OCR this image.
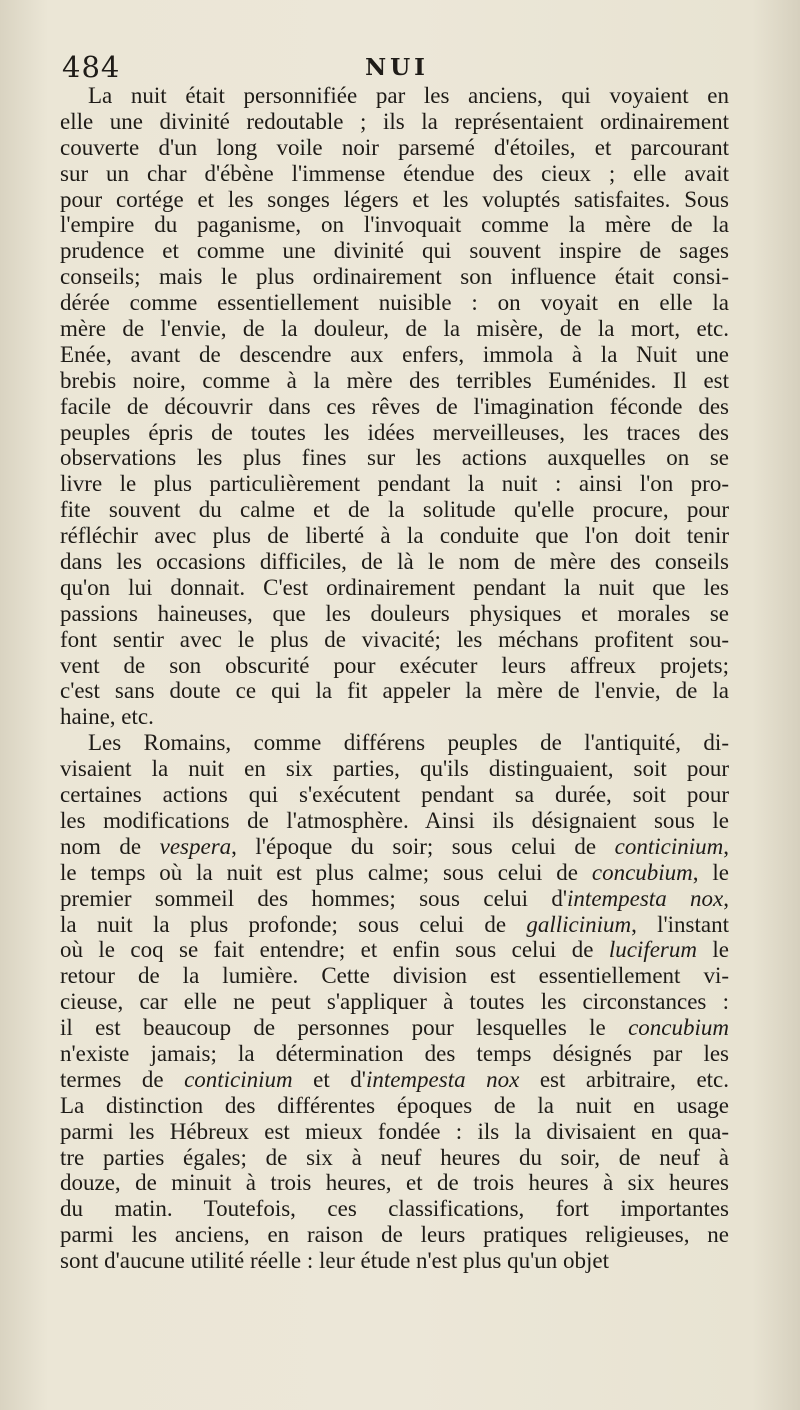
484	NUI
La nuit était personnifiée par les anciens, qui voyaient en
elle une divinité redoutable ; ils la représentaient ordinairement
couverte d'un long voile noir parsemé d'étoiles, et parcourant
sur un char d'ébène l'immense étendue des cieux ; elle avait
pour cortége et les songes légers et les voluptés satisfaites. Sous
l'empire du paganisme, on l'invoquait comme la mère de la
prudence et comme une divinité qui souvent inspire de sages
conseils; mais le plus ordinairement son influence était consi-
dérée comme essentiellement nuisible : on voyait en elle la
mère de l'envie, de la douleur, de la misère, de la mort, etc.
Enée, avant de descendre aux enfers, immola à la Nuit une
brebis noire, comme à la mère des terribles Euménides. Il est
facile de découvrir dans ces rêves de l'imagination féconde des
peuples épris de toutes les idées merveilleuses, les traces des
observations les plus fines sur les actions auxquelles on se
livre le plus particulièrement pendant la nuit : ainsi l'on pro-
fite souvent du calme et de la solitude qu'elle procure, pour
réfléchir avec plus de liberté à la conduite que l'on doit tenir
dans les occasions difficiles, de là le nom de mère des conseils
qu'on lui donnait. C'est ordinairement pendant la nuit que les
passions haineuses, que les douleurs physiques et morales se
font sentir avec le plus de vivacité; les méchans profitent sou-
vent de son obscurité pour exécuter leurs affreux projets;
c'est sans doute ce qui la fit appeler la mère de l'envie, de la
haine, etc.
Les Romains, comme différens peuples de l'antiquité, di-
visaient la nuit en six parties, qu'ils distinguaient, soit pour
certaines actions qui s'exécutent pendant sa durée, soit pour
les modifications de l'atmosphère. Ainsi ils désignaient sous le
nom de vespera, l'époque du soir; sous celui de conticinium,
le temps où la nuit est plus calme; sous celui de concubium, le
premier sommeil des hommes; sous celui d'intempesta nox,
la nuit la plus profonde; sous celui de gallicinium, l'instant
où le coq se fait entendre; et enfin sous celui de luciferum le
retour de la lumière. Cette division est essentiellement vi-
cieuse, car elle ne peut s'appliquer à toutes les circonstances :
il est beaucoup de personnes pour lesquelles le concubium
n'existe jamais; la détermination des temps désignés par les
termes de conticinium et d'intempesta nox est arbitraire, etc.
La distinction des différentes époques de la nuit en usage
parmi les Hébreux est mieux fondée : ils la divisaient en qua-
tre parties égales; de six à neuf heures du soir, de neuf à
douze, de minuit à trois heures, et de trois heures à six heures
du matin. Toutefois, ces classifications, fort importantes
parmi les anciens, en raison de leurs pratiques religieuses, ne
sont d'aucune utilité réelle : leur étude n'est plus qu'un objet
